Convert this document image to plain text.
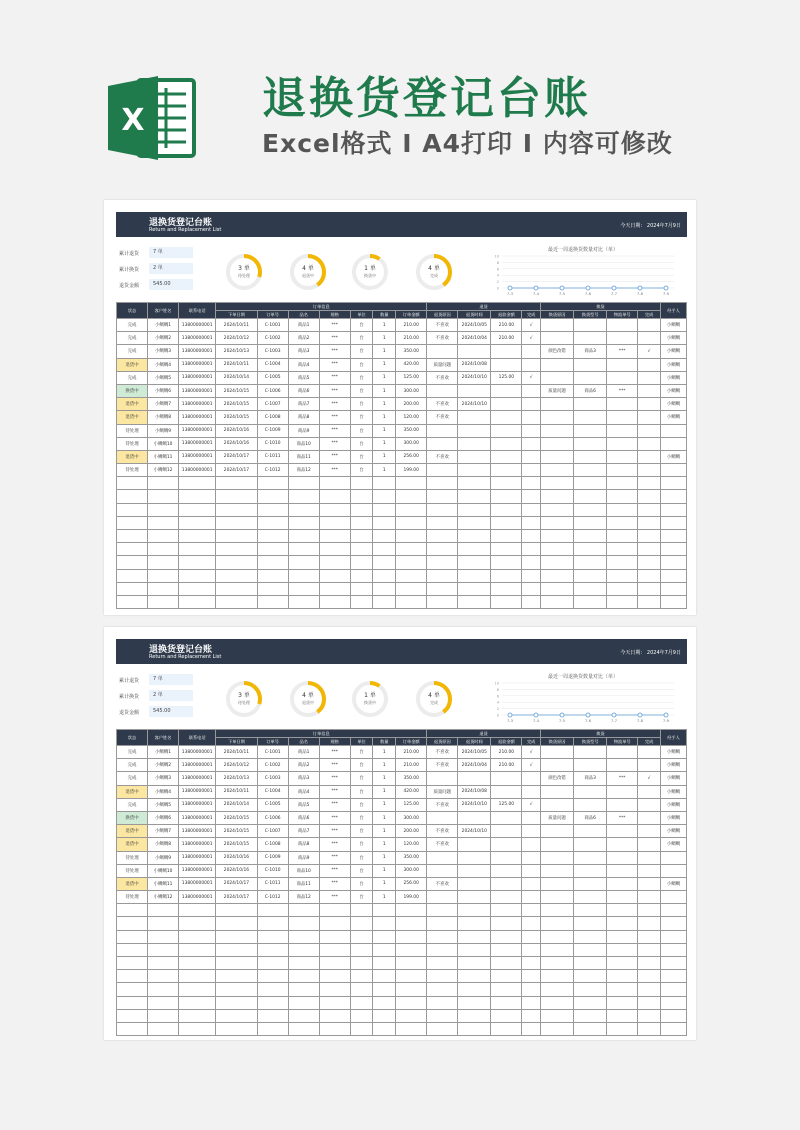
X	退换货登记台账
Excel格式 I A4打印 I 内容可修改
退换货登记台账
Return and Replacement List
今天日期： 2024年7月9日
累计退货	7 单
累计换货	2 单
退货金额	545.00
3 单
待处理
4 单
退货中
1 单
换货中
4 单
完成
最近一周退换货数量对比（单）
0
2
4
6
8
10
7-3	7-4	7-5	7-6	7-7	7-8	7-9
状态	客户姓名	联系电话	订单信息							退货				换货				经手人
			下单日期	订单号	品名	规格	单位	数量	订单金额	退货原因	退货时间	退款金额	完成	换货原因	换货型号	物流单号	完成	
完成	小鲷鲷1	13800000001	2024/10/11	C-1001	商品1	***	台	1	210.00	不喜欢	2024/10/05	210.00	√					小鲷鲷
完成	小鲷鲷2	13800000001	2024/10/12	C-1002	商品2	***	台	1	210.00	不喜欢	2024/10/04	210.00	√					小鲷鲷
完成	小鲷鲷3	13800000001	2024/10/13	C-1003	商品3	***	台	1	350.00					颜色改错	商品3	***	√	小鲷鲷
退货中	小鲷鲷4	13800000001	2024/10/11	C-1004	商品4	***	台	1	420.00	质量问题	2024/10/08							小鲷鲷
完成	小鲷鲷5	13800000001	2024/10/14	C-1005	商品5	***	台	1	125.00	不喜欢	2024/10/10	125.00	√					小鲷鲷
换货中	小鲷鲷6	13800000001	2024/10/15	C-1006	商品6	***	台	1	300.00					质量问题	商品6	***		小鲷鲷
退货中	小鲷鲷7	13800000001	2024/10/15	C-1007	商品7	***	台	1	200.00	不喜欢	2024/10/10							小鲷鲷
退货中	小鲷鲷8	13800000001	2024/10/15	C-1008	商品8	***	台	1	120.00	不喜欢								小鲷鲷
待处理	小鲷鲷9	13800000001	2024/10/16	C-1009	商品9	***	台	1	350.00									
待处理	小鲷鲷10	13800000001	2024/10/16	C-1010	商品10	***	台	1	300.00									
退货中	小鲷鲷11	13800000001	2024/10/17	C-1011	商品11	***	台	1	256.00	不喜欢								小鲷鲷
待处理	小鲷鲷12	13800000001	2024/10/17	C-1012	商品12	***	台	1	199.00									

退换货登记台账
Return and Replacement List
今天日期： 2024年7月9日
累计退货	7 单
累计换货	2 单
退货金额	545.00
3 单
待处理
4 单
退货中
1 单
换货中
4 单
完成
最近一周退换货数量对比（单）
0
2
4
6
8
10
7-3	7-4	7-5	7-6	7-7	7-8	7-9
状态	客户姓名	联系电话	订单信息							退货				换货				经手人
			下单日期	订单号	品名	规格	单位	数量	订单金额	退货原因	退货时间	退款金额	完成	换货原因	换货型号	物流单号	完成	
完成	小鲷鲷1	13800000001	2024/10/11	C-1001	商品1	***	台	1	210.00	不喜欢	2024/10/05	210.00	√					小鲷鲷
完成	小鲷鲷2	13800000001	2024/10/12	C-1002	商品2	***	台	1	210.00	不喜欢	2024/10/04	210.00	√					小鲷鲷
完成	小鲷鲷3	13800000001	2024/10/13	C-1003	商品3	***	台	1	350.00					颜色改错	商品3	***	√	小鲷鲷
退货中	小鲷鲷4	13800000001	2024/10/11	C-1004	商品4	***	台	1	420.00	质量问题	2024/10/08							小鲷鲷
完成	小鲷鲷5	13800000001	2024/10/14	C-1005	商品5	***	台	1	125.00	不喜欢	2024/10/10	125.00	√					小鲷鲷
换货中	小鲷鲷6	13800000001	2024/10/15	C-1006	商品6	***	台	1	300.00					质量问题	商品6	***		小鲷鲷
退货中	小鲷鲷7	13800000001	2024/10/15	C-1007	商品7	***	台	1	200.00	不喜欢	2024/10/10							小鲷鲷
退货中	小鲷鲷8	13800000001	2024/10/15	C-1008	商品8	***	台	1	120.00	不喜欢								小鲷鲷
待处理	小鲷鲷9	13800000001	2024/10/16	C-1009	商品9	***	台	1	350.00									
待处理	小鲷鲷10	13800000001	2024/10/16	C-1010	商品10	***	台	1	300.00									
退货中	小鲷鲷11	13800000001	2024/10/17	C-1011	商品11	***	台	1	256.00	不喜欢								小鲷鲷
待处理	小鲷鲷12	13800000001	2024/10/17	C-1012	商品12	***	台	1	199.00									
